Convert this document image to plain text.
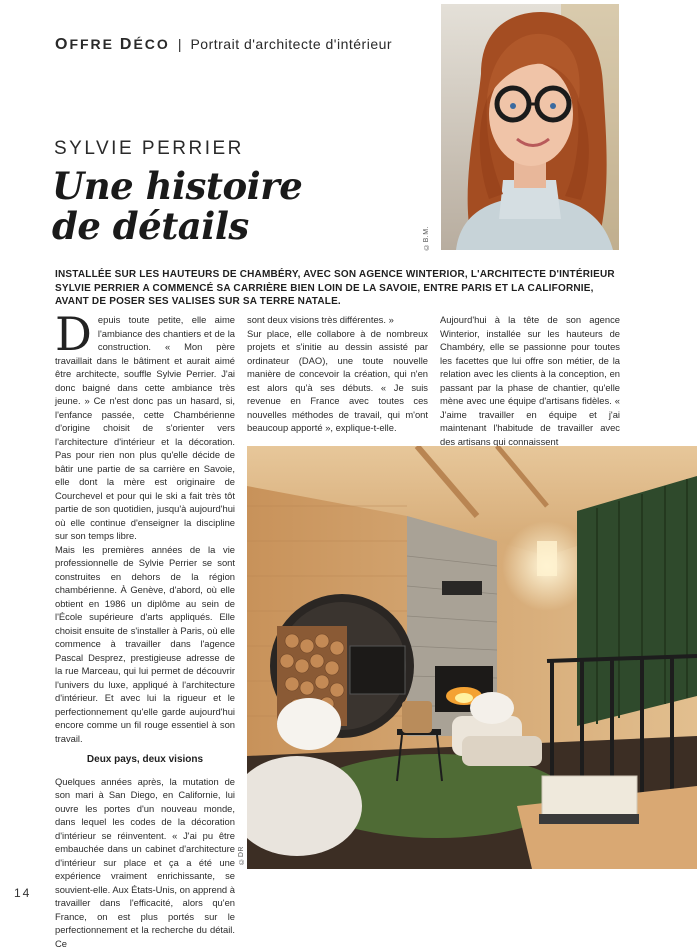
OFFRE DÉCO | Portrait d'architecte d'intérieur
©B.M.
SYLVIE PERRIER
Une histoire
de détails
INSTALLÉE SUR LES HAUTEURS DE CHAMBÉRY, AVEC SON AGENCE WINTERIOR, L'ARCHITECTE D'INTÉRIEUR SYLVIE PERRIER A COMMENCÉ SA CARRIÈRE BIEN LOIN DE LA SAVOIE, ENTRE PARIS ET LA CALIFORNIE, AVANT DE POSER SES VALISES SUR SA TERRE NATALE.

Depuis toute petite, elle aime l'ambiance des chantiers et de la construction. « Mon père travaillait dans le bâtiment et aurait aimé être architecte, souffle Sylvie Perrier. J'ai donc baigné dans cette ambiance très jeune. » Ce n'est donc pas un hasard, si, l'enfance passée, cette Chambérienne d'origine choisit de s'orienter vers l'architecture d'intérieur et la décoration. Pas pour rien non plus qu'elle décide de bâtir une partie de sa carrière en Savoie, elle dont la mère est originaire de Courchevel et pour qui le ski a fait très tôt partie de son quotidien, jusqu'à aujourd'hui où elle continue d'enseigner la discipline sur son temps libre.

Mais les premières années de la vie professionnelle de Sylvie Perrier se sont construites en dehors de la région chambérienne. À Genève, d'abord, où elle obtient en 1986 un diplôme au sein de l'École supérieure d'arts appliqués. Elle choisit ensuite de s'installer à Paris, où elle commence à travailler dans l'agence Pascal Desprez, prestigieuse adresse de la rue Marceau, qui lui permet de découvrir l'univers du luxe, appliqué à l'architecture d'intérieur. Et avec lui la rigueur et le perfectionnement qu'elle garde aujourd'hui encore comme un fil rouge essentiel à son travail.

Deux pays, deux visions

Quelques années après, la mutation de son mari à San Diego, en Californie, lui ouvre les portes d'un nouveau monde, dans lequel les codes de la décoration d'intérieur se réinventent. « J'ai pu être embauchée dans un cabinet d'architecture d'intérieur sur place et ça a été une expérience vraiment enrichissante, se souvient-elle. Aux États-Unis, on apprend à travailler dans l'efficacité, alors qu'en France, on est plus portés sur le perfectionnement et la recherche du détail. Ce

sont deux visions très différentes. »

Sur place, elle collabore à de nombreux projets et s'initie au dessin assisté par ordinateur (DAO), une toute nouvelle manière de concevoir la création, qui n'en est alors qu'à ses débuts. « Je suis revenue en France avec toutes ces nouvelles méthodes de travail, qui m'ont beaucoup apporté », explique-t-elle.

Aujourd'hui à la tête de son agence Winterior, installée sur les hauteurs de Chambéry, elle se passionne pour toutes les facettes que lui offre son métier, de la relation avec les clients à la conception, en passant par la phase de chantier, qu'elle mène avec une équipe d'artisans fidèles. « J'aime travailler en équipe et j'ai maintenant l'habitude de travailler avec des artisans qui connaissent

©DR
14
